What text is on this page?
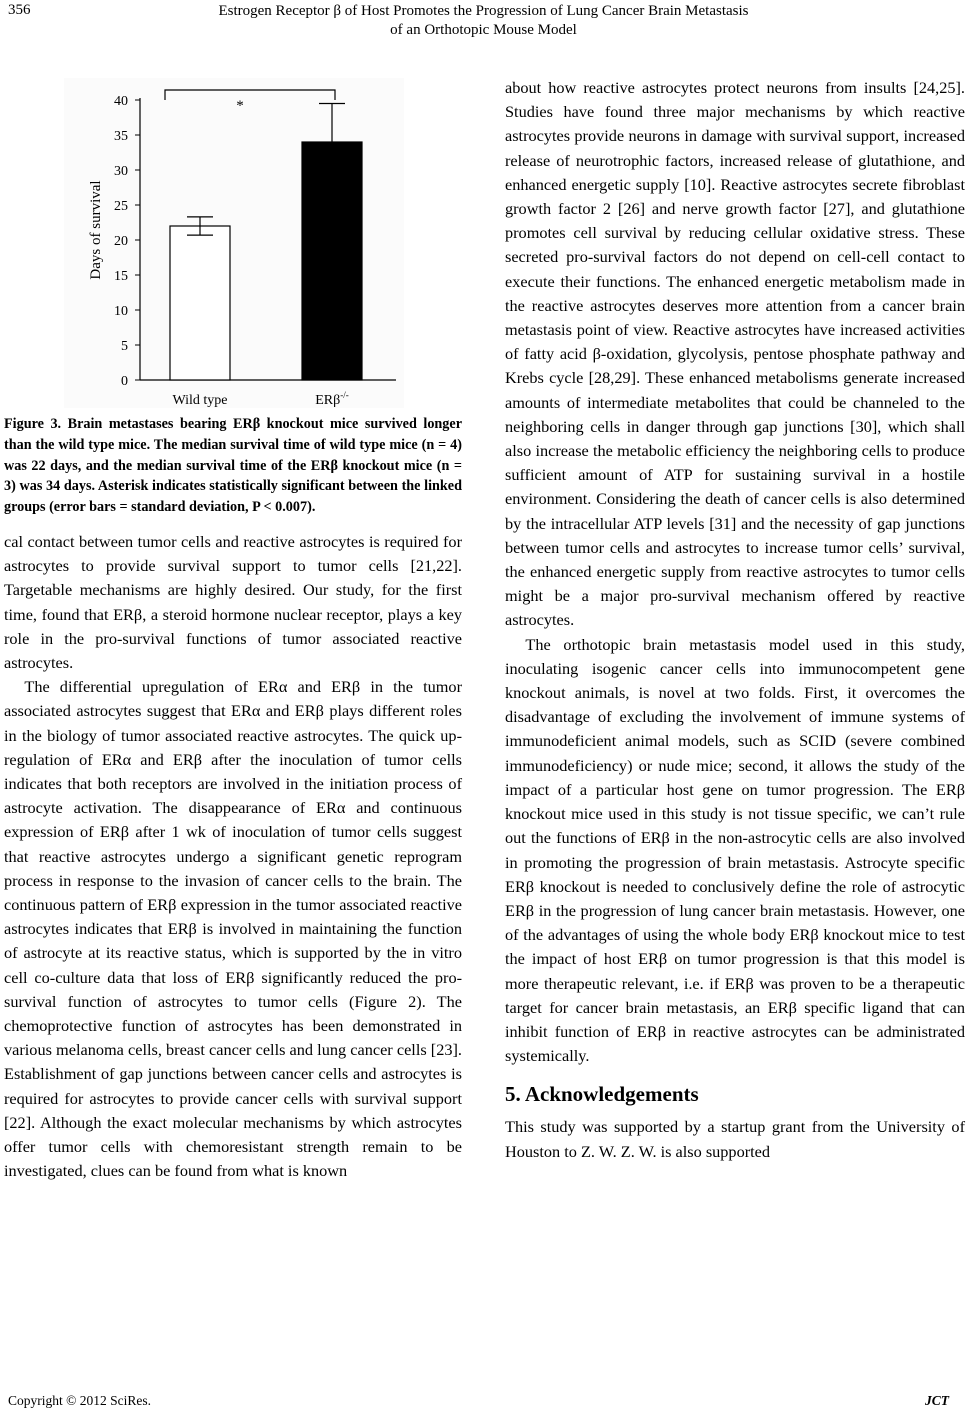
356	Estrogen Receptor β of Host Promotes the Progression of Lung Cancer Brain Metastasis
of an Orthotopic Mouse Model
0
5
10
15
20
25
30
35
40
Days of survival
Wild type	ERβ-/-
*
Figure 3. Brain metastases bearing ERβ knockout mice survived longer than the wild type mice. The median survival time of wild type mice (n = 4) was 22 days, and the median survival time of the ERβ knockout mice (n = 3) was 34 days. Asterisk indicates statistically significant between the linked groups (error bars = standard deviation, P < 0.007).

cal contact between tumor cells and reactive astrocytes is required for astrocytes to provide survival support to tumor cells [21,22]. Targetable mechanisms are highly desired. Our study, for the first time, found that ERβ, a steroid hormone nuclear receptor, plays a key role in the pro-survival functions of tumor associated reactive astrocytes.

The differential upregulation of ERα and ERβ in the tumor associated astrocytes suggest that ERα and ERβ plays different roles in the biology of tumor associated reactive astrocytes. The quick up-regulation of ERα and ERβ after the inoculation of tumor cells indicates that both receptors are involved in the initiation process of astrocyte activation. The disappearance of ERα and continuous expression of ERβ after 1 wk of inoculation of tumor cells suggest that reactive astrocytes undergo a significant genetic reprogram process in response to the invasion of cancer cells to the brain. The continuous pattern of ERβ expression in the tumor associated reactive astrocytes indicates that ERβ is involved in maintaining the function of astrocyte at its reactive status, which is supported by the in vitro cell co-culture data that loss of ERβ significantly reduced the pro-survival function of astrocytes to tumor cells (Figure 2). The chemoprotective function of astrocytes has been demonstrated in various melanoma cells, breast cancer cells and lung cancer cells [23]. Establishment of gap junctions between cancer cells and astrocytes is required for astrocytes to provide cancer cells with survival support [22]. Although the exact molecular mechanisms by which astrocytes offer tumor cells with chemoresistant strength remain to be investigated, clues can be found from what is known

about how reactive astrocytes protect neurons from insults [24,25]. Studies have found three major mechanisms by which reactive astrocytes provide neurons in damage with survival support, increased release of neurotrophic factors, increased release of glutathione, and enhanced energetic supply [10]. Reactive astrocytes secrete fibroblast growth factor 2 [26] and nerve growth factor [27], and glutathione promotes cell survival by reducing cellular oxidative stress. These secreted pro-survival factors do not depend on cell-cell contact to execute their functions. The enhanced energetic metabolism made in the reactive astrocytes deserves more attention from a cancer brain metastasis point of view. Reactive astrocytes have increased activities of fatty acid β-oxidation, glycolysis, pentose phosphate pathway and Krebs cycle [28,29]. These enhanced metabolisms generate increased amounts of intermediate metabolites that could be channeled to the neighboring cells in danger through gap junctions [30], which shall also increase the metabolic efficiency the neighboring cells to produce sufficient amount of ATP for sustaining survival in a hostile environment. Considering the death of cancer cells is also determined by the intracellular ATP levels [31] and the necessity of gap junctions between tumor cells and astrocytes to increase tumor cells’ survival, the enhanced energetic supply from reactive astrocytes to tumor cells might be a major pro-survival mechanism offered by reactive astrocytes.

The orthotopic brain metastasis model used in this study, inoculating isogenic cancer cells into immunocompetent gene knockout animals, is novel at two folds. First, it overcomes the disadvantage of excluding the involvement of immune systems of immunodeficient animal models, such as SCID (severe combined immunodeficiency) or nude mice; second, it allows the study of the impact of a particular host gene on tumor progression. The ERβ knockout mice used in this study is not tissue specific, we can’t rule out the functions of ERβ in the non-astrocytic cells are also involved in promoting the progression of brain metastasis. Astrocyte specific ERβ knockout is needed to conclusively define the role of astrocytic ERβ in the progression of lung cancer brain metastasis. However, one of the advantages of using the whole body ERβ knockout mice to test the impact of host ERβ on tumor progression is that this model is more therapeutic relevant, i.e. if ERβ was proven to be a therapeutic target for cancer brain metastasis, an ERβ specific ligand that can inhibit function of ERβ in reactive astrocytes can be administrated systemically.

5. Acknowledgements

This study was supported by a startup grant from the University of Houston to Z. W. Z. W. is also supported

Copyright © 2012 SciRes.	JCT
